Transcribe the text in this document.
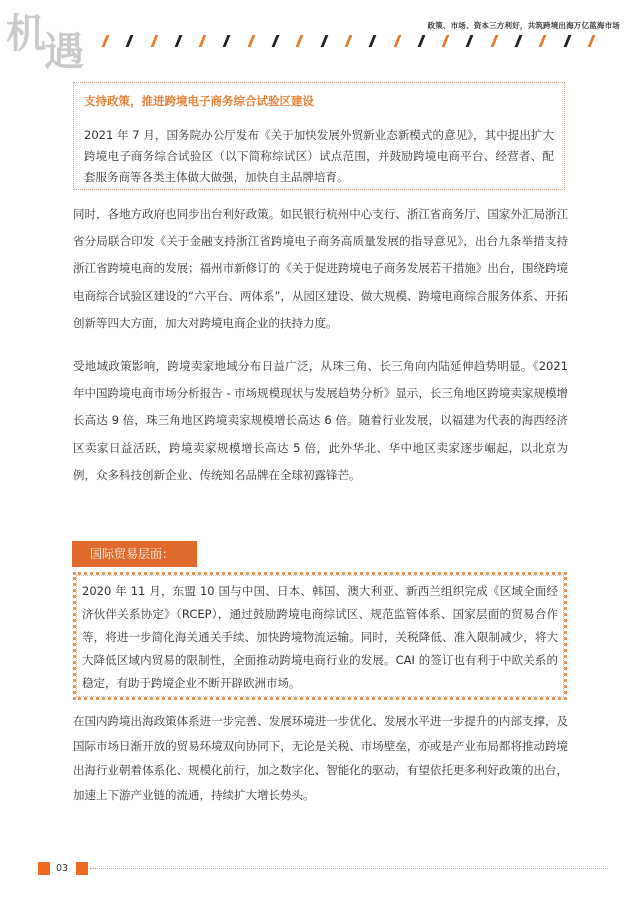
机遇
政策、市场、资本三方利好，共筑跨境出海万亿蓝海市场
支持政策，推进跨境电子商务综合试验区建设
2021 年 7 月，国务院办公厅发布《关于加快发展外贸新业态新模式的意见》，其中提出扩大跨境电子商务综合试验区（以下简称综试区）试点范围，并鼓励跨境电商平台、经营者、配套服务商等各类主体做大做强，加快自主品牌培育。
同时，各地方政府也同步出台利好政策。如民银行杭州中心支行、浙江省商务厅、国家外汇局浙江省分局联合印发《关于金融支持浙江省跨境电子商务高质量发展的指导意见》，出台九条举措支持浙江省跨境电商的发展；福州市新修订的《关于促进跨境电子商务发展若干措施》出台，围绕跨境电商综合试验区建设的“六平台、两体系”，从园区建设、做大规模、跨境电商综合服务体系、开拓创新等四大方面，加大对跨境电商企业的扶持力度。
受地域政策影响，跨境卖家地域分布日益广泛，从珠三角、长三角向内陆延伸趋势明显。《2021 年中国跨境电商市场分析报告 - 市场规模现状与发展趋势分析》显示，长三角地区跨境卖家规模增长高达 9 倍，珠三角地区跨境卖家规模增长高达 6 倍。随着行业发展，以福建为代表的海西经济区卖家日益活跃，跨境卖家规模增长高达 5 倍，此外华北、华中地区卖家逐步崛起，以北京为例，众多科技创新企业、传统知名品牌在全球初露锋芒。
国际贸易层面：
2020 年 11 月，东盟 10 国与中国、日本、韩国、澳大利亚、新西兰组织完成《区域全面经济伙伴关系协定》（RCEP），通过鼓励跨境电商综试区、规范监管体系、国家层面的贸易合作等，将进一步简化海关通关手续、加快跨境物流运输。同时，关税降低、准入限制减少，将大大降低区域内贸易的限制性，全面推动跨境电商行业的发展。CAI 的签订也有利于中欧关系的稳定，有助于跨境企业不断开辟欧洲市场。
在国内跨境出海政策体系进一步完善、发展环境进一步优化、发展水平进一步提升的内部支撑，及国际市场日渐开放的贸易环境双向协同下，无论是关税、市场壁垒，亦或是产业布局都将推动跨境出海行业朝着体系化、规模化前行，加之数字化、智能化的驱动，有望依托更多利好政策的出台，加速上下游产业链的流通，持续扩大增长势头。
03
